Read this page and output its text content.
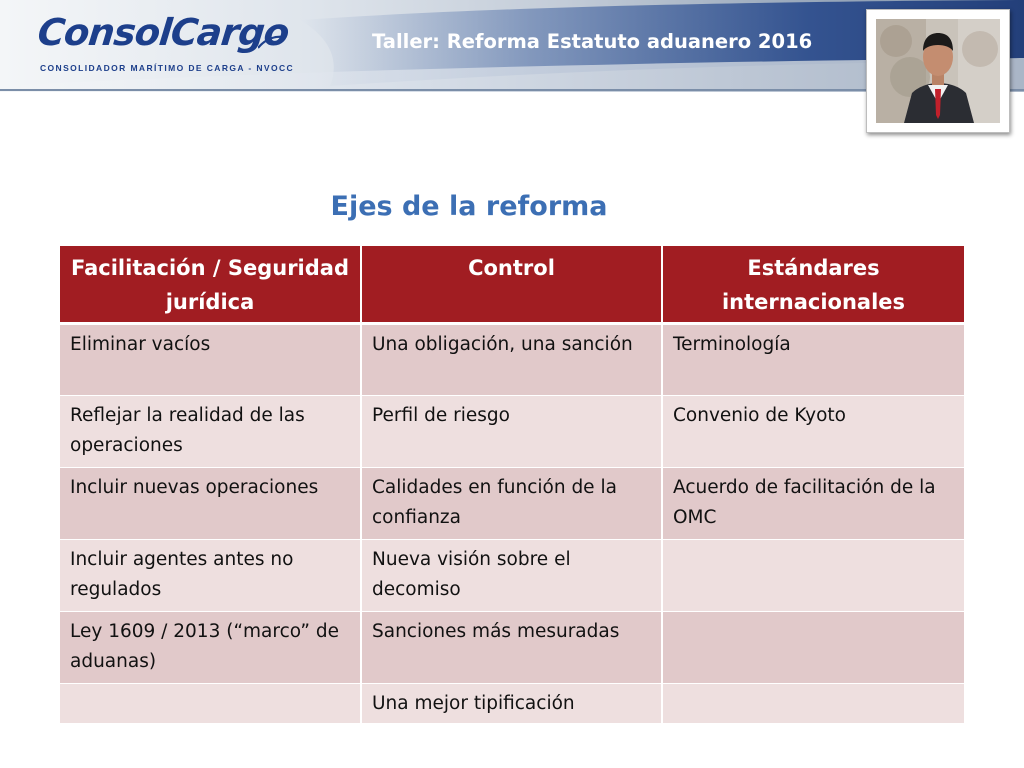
ConsolCargo
CONSOLIDADOR MARÍTIMO DE CARGA - NVOCC
Taller: Reforma Estatuto aduanero 2016
Ejes de la reforma
Facilitación / Seguridad jurídica	Control	Estándares internacionales
Eliminar vacíos	Una obligación, una sanción	Terminología
Reflejar la realidad de las operaciones	Perfil de riesgo	Convenio de Kyoto
Incluir nuevas operaciones	Calidades en función de la confianza	Acuerdo de facilitación de la OMC
Incluir agentes antes no regulados	Nueva visión sobre el decomiso	
Ley 1609 / 2013 (“marco” de aduanas)	Sanciones más mesuradas	
	Una mejor tipificación	
